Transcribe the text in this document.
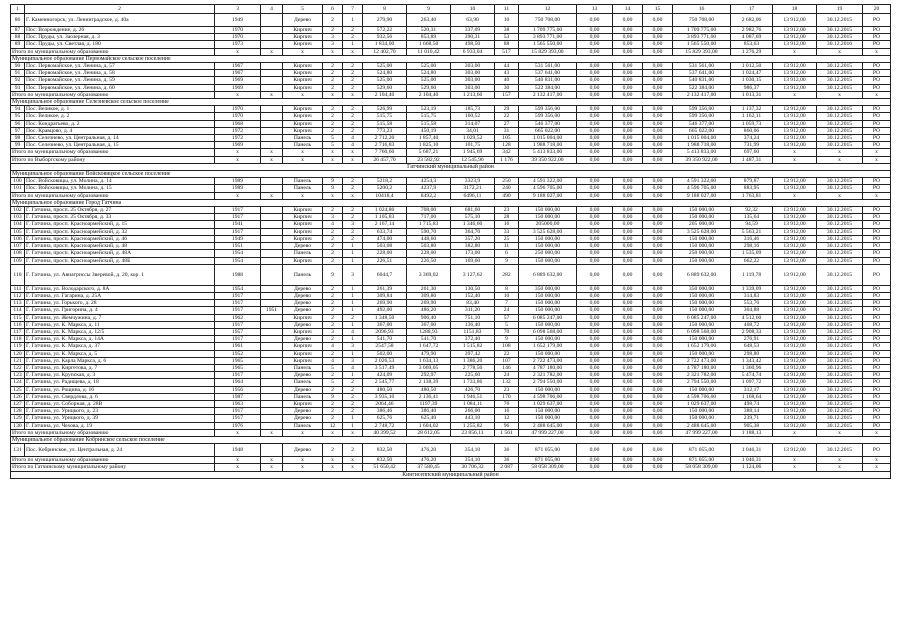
1	2	3	4	5	6	7	8	9	10	11	12	13	14	15	16	17	18	19	20
86	Г. Каменногорск, ул. Ленинградское, д. 40а	1949		Дерево	2	1	279,90	263,40	63,90	10	750 708,00	0,00	0,00	0,00	750 708,00	2 682,06	13 912,00	30.12.2015	РО
87	Пос. Возрождение, д. 26	1970		Кирпич	2	2	572,22	520,31	337,09	38	1 709 775,00	0,00	0,00	0,00	1 709 775,00	2 982,76	13 912,00	30.12.2015	РО
88	Пос. Пруды, ул. Заозерная, д. 3	1970		Кирпич	3	2	932,56	853,89	390,31	53	3 893 771,00	0,00	0,00	0,00	3 893 771,00	4 087,69	13 912,00	30.12.2015	РО
89	Пос. Пруды, ул. Светлая, д. 180	1973		Кирпич	3	1	1 834,00	1 668,50	498,50	88	1 565 550,00	0,00	0,00	0,00	1 565 550,00	853,63	13 912,00	30.12.2016	РО
Итого по муниципальному образованию		x	x	x	x	x	12 402,70	11 010,42	6 933,04	517	15 829 393,00	0,00	0,00	0,00	15 829 393,00	1 276,29	x	x	x
Муниципальное образование Первомайское сельское поселение																			
90	Пос. Первомайское, ул. Ленина, д. 57	1967		Кирпич	2	2	525,00	525,00	303,00	44	531 561,00	0,00	0,00	0,00	531 561,00	1 012,50	13 912,00	30.12.2015	РО
91	Пос. Первомайское, ул. Ленина, д. 58	1967		Кирпич	2	2	524,80	524,80	303,00	43	537 641,00	0,00	0,00	0,00	537 641,00	1 024,47	13 912,00	30.12.2015	РО
92	Пос. Первомайское, ул. Ленина, д. 59	1969		Кирпич	2	2	525,00	525,00	303,00	40	540 831,00	0,00	0,00	0,00	540 831,00	1 030,15	13 912,00	30.12.2015	РО
93	Пос. Первомайское, ул. Ленина, д. 60	1969		Кирпич	2	2	529,60	529,60	303,00	30	522 384,00	0,00	0,00	0,00	522 384,00	986,37	13 912,00	30.12.2015	РО
Итого по муниципальному образованию		x	x	x	x	x	2 104,40	2 104,40	1 213,60	157	2 132 417,00	0,00	0,00	0,00	2 132 417,00	1 013,31	x	x	x
Муниципальное образование Селезневское сельское поселение																			
94	Пос. Великое, д. 1	1970		Кирпич	2	2	526,99	523,19	185,73	29	599 356,00	0,00	0,00	0,00	599 356,00	1 137,32	13 912,00	30.12.2015	РО
95	Пос. Великое, д. 2	1970		Кирпич	2	2	515,75	515,75	160,52	22	599 356,00	0,00	0,00	0,00	599 356,00	1 162,11	13 912,00	30.12.2015	РО
96	Пос. Кондратьево, д. 2	1968		Кирпич	2	2	515,58	515,58	314,07	27	546 377,00	0,00	0,00	0,00	546 377,00	1 059,73	13 912,00	30.12.2015	РО
97	Пос. Кравцово, д. 4	1972		Кирпич	2	2	773,23	450,19	34,01	31	665 022,00	0,00	0,00	0,00	665 022,00	860,06	13 912,00	30.12.2015	РО
98	Пос. Селезнево, ул. Центральная, д. 14	1972		Панель	5	4	2 712,20	1 857,40	1 029,52	105	1 015 004,00	0,00	0,00	0,00	1 015 004,00	374,24	13 912,00	30.12.2015	РО
99	Пос. Селезнево, ул. Центральная, д. 15	1969		Панель	5	4	2 716,83	1 825,10	101,75	128	1 988 718,00	0,00	0,00	0,00	1 988 718,00	731,99	13 912,00	30.12.2015	РО
Итого по муниципальному образованию		x	x	x	x	x	7 760,60	5 687,21	1 945,69	342	5 413 833,00	0,00	0,00	0,00	5 413 833,00	697,60	x	x	x
Итого по Выборгскому району		x	x	x	x	x	26 457,70	23 582,92	12 545,96	1 176	39 350 922,00	0,00	0,00	0,00	39 350 922,00	1 487,31	x	x	x
Гатчинский муниципальный район																			
Муниципальное образование Войсковицкое сельское поселение																			
100	Пос. Войсковицы, ул. Молина, д. 14	1989		Панель	9	2	5218,2	4254,3	3323,9	250	4 591 322,00	0,00	0,00	0,00	4 591 322,00	879,87	13 912,00	30.12.2015	РО
101	Пос. Войсковицы, ул. Молина, д. 15	1989		Панель	9	2	5200,2	4237,9	3172,21	240	4 596 705,00	0,00	0,00	0,00	4 596 705,00	883,95	13 912,00	30.12.2015	РО
Итого по муниципальному образованию		x	x	x	x	x	10418,4	8492,2	6496,11	490	9 188 027,00	0,00	0,00	0,00	9 188 027,00	1 763,81	x	x	x
Муниципальное образование Город Гатчина																			
102	Г. Гатчина, просп. 25 Октября, д. 27	1917		Кирпич	2	2	1 024,80	708,00	681,60	23	150 000,00	0,00	0,00	0,00	150 000,00	92,32	13 912,00	30.12.2015	РО
103	Г. Гатчина, просп. 25 Октября, д. 33	1917		Кирпич	3	2	1 105,83	717,00	575,10	28	150 000,00	0,00	0,00	0,00	150 000,00	135,64	13 912,00	30.12.2015	РО
104	Г. Гатчина, просп. Красноармейский, д. 15	1941		Кирпич	4	3	2 167,14	1 715,83	1 346,60	16	205000,00	0,00	0,00	0,00	205 000,00	94,59	13 912,00	30.12.2015	РО
105	Г. Гатчина, просп. Красноармейский, д. 32	1917		Кирпич	2	2	633,74	590,70	364,70	33	3 525 628,00	0,00	0,00	0,00	3 525 628,00	5 563,21	13 912,00	30.12.2015	РО
106	Г. Гатчина, просп. Красноармейский, д. 46	1949		Кирпич	2	2	474,00	448,60	357,20	25	150 000,00	0,00	0,00	0,00	150 000,00	316,46	13 912,00	30.12.2015	РО
107	Г. Гатчина, просп. Красноармейский, д. 48	1951		Дерево	2	1	503,08	503,80	382,80	11	150 000,00	0,00	0,00	0,00	150 000,00	298,16	13 912,00	30.12.2015	РО
108	Г. Гатчина, просп. Красноармейский, д. 48А	1954		Панель	2	1	228,00	228,00	173,00	6	250 000,00	0,00	0,00	0,00	250 000,00	1 535,09	13 912,00	30.12.2015	РО
109	Г. Гатчина, просп. Красноармейский, д. 48Б	1954		Кирпич	2	1	226,51	226,50	169,60	9	150 000,00	0,00	0,00	0,00	150 000,00	662,22	13 912,00	30.12.2015	РО
110	Г. Гатчина, ул. Авиатриссы Зверевой, д. 20, кор. 1	1988		Панель	9	3	6044,7	3 369,02	3 127,62	282	6 889 632,00	0,00	0,00	0,00	6 889 632,00	1 119,78	13 912,00	30.12.2015	РО
111	Г. Гатчина, ул. Володарского, д. 8А	1954		Дерево	2	1	261,39	261,30	130,50	8	350 000,00	0,00	0,00	0,00	350 000,00	1 339,09	13 912,00	30.12.2015	РО
112	Г. Гатчина, ул. Гагарина, д. 25А	1917		Дерево	2	1	309,84	309,80	152,40	10	150 000,00	0,00	0,00	0,00	150 000,00	314,83	13 912,00	30.12.2015	РО
113	Г. Гатчина, ул. Горького, д. 28	1917		Дерево	2	1	269,90	269,90	83,40	7	150 000,00	0,00	0,00	0,00	150 000,00	553,76	13 912,00	30.12.2015	РО
114	Г. Гатчина, ул. Григорина, д. 4	1917	1951	Дерево	2	1	492,00	486,20	311,20	24	150 000,00	0,00	0,00	0,00	150 000,00	304,88	13 912,00	30.12.2015	РО
115	Г. Гатчина, ул. Жемчужина, д. 7	1962		Кирпич	2	2	1 348,50	906,40	751,10	57	6 085 247,00	0,00	0,00	0,00	6 085 247,00	4 512,60	13 912,00	30.12.2015	РО
116	Г. Гатчина, ул. К. Маркса, д. 11	1917		Дерево	2	1	367,00	367,00	136,40	5	150 000,00	0,00	0,00	0,00	150 000,00	408,72	13 912,00	30.12.2015	РО
117	Г. Гатчина, ул. К. Маркса, д. 12/5	1957		Кирпич	3	4	2096,93	1288,93	1151,83	70	6 098 568,00	0,00	0,00	0,00	6 098 568,00	2 908,33	13 912,00	30.12.2015	РО
118	Г. Гатчина, ул. К. Маркса, д. 14А	1917		Дерево	2	1	541,70	541,70	372,40	9	150 000,00	0,00	0,00	0,00	150 000,00	276,91	13 912,00	30.12.2015	РО
119	Г. Гатчина, ул. К. Маркса, д. 37	1961		Кирпич	4	3	2547,58	1 647,72	1 515,82	108	1 652 179,00	0,00	0,00	0,00	1 652 179,00	648,53	13 912,00	30.12.2015	РО
120	Г. Гатчина, ул. К. Маркса, д. 5	1952		Кирпич	2	1	502,00	479,90	397,42	22	150 000,00	0,00	0,00	0,00	150 000,00	298,80	13 912,00	30.12.2015	РО
121	Г. Гатчина, ул. Карла Маркса, д. 6	1965		Кирпич	4	3	2 026,53	1 634,13	1 386,20	107	2 722 473,00	0,00	0,00	0,00	2 722 473,00	1 343,42	13 912,00	30.12.2015	РО
122	Г. Гатчина, ул. Киргетова, д. 7	1965		Панель	5	4	3 517,49	3 069,05	2 778,50	146	4 787 180,00	0,00	0,00	0,00	4 787 180,00	1 360,96	13 912,00	30.12.2015	РО
123	Г. Гатчина, ул. Крупская, д. 3	1917		Дерево	2	1	424,09	292,97	225,60	24	2 321 782,00	0,00	0,00	0,00	2 321 782,00	5 474,74	13 912,00	30.12.2015	РО
124	Г. Гатчина, ул. Радищева, д. 18	1964		Панель	5	2	2 545,77	2 138,39	1 733,86	132	2 794 550,00	0,00	0,00	0,00	2 794 550,00	1 097,72	13 912,00	30.12.2015	РО
125	Г. Гатчина, ул. Рощина, д. 16	1956		Дерево	2	2	480,50	480,50	426,70	23	150 000,00	0,00	0,00	0,00	150 000,00	312,17	13 912,00	30.12.2015	РО
126	Г. Гатчина, ул. Свердлова, д. 6	1987		Панель	9	2	3 935,10	2 136,41	1 946,51	170	4 598 706,00	0,00	0,00	0,00	4 598 706,00	1 168,64	13 912,00	30.12.2015	РО
127	Г. Гатчина, ул. Соборная, д. 28В	1963		Кирпич	2	2	2064,46	1197,39	1 084,11	76	1 029 637,00	0,00	0,00	0,00	1 029 637,00	498,74	13 912,00	30.12.2015	РО
128	Г. Гатчина, ул. Урицкого, д. 23	1917		Дерево	2	2	386,46	386,40	266,00	16	150 000,00	0,00	0,00	0,00	150 000,00	388,14	13 912,00	30.12.2015	РО
129	Г. Гатчина, ул. Урицкого, д. 39	1917		Дерево	2	1	625,76	625,40	443,10	12	150 000,00	0,00	0,00	0,00	150 000,00	239,71	13 912,00	30.12.2015	РО
130	Г. Гатчина, ул. Чехова, д. 19	1976		Панель	12	1	2 748,72	1 604,02	1 255,82	96	2 488 645,00	0,00	0,00	0,00	2 488 645,00	905,38	13 912,00	30.12.2015	РО
Итого по муниципальному образованию		x	x	x	x	x	40 399,52	28 612,05	23 856,11	1 561	47 999 227,00	0,00	0,00	0,00	47 999 227,00	1 188,13	x	x	x
Муниципальное образование Кобринское сельское поселение																			
131	Пос. Кобринское, ул. Центральная, д. 24	1948		Дерево	2	2	832,50	476,20	354,10	36	871 055,00	0,00	0,00	0,00	871 055,00	1 046,31	13 912,00	30.12.2015	РО
Итого по муниципальному образованию		x	x	x	x	x	832,50	476,20	354,10	36	871 055,00	0,00	0,00	0,00	871 055,00	1 046,31	x	x	x
Итого по Гатчинскому муниципальному району		x	x	x	x	x	51 650,42	37 580,45	30 706,32	2 087	58 058 309,00	0,00	0,00	0,00	58 058 309,00	1 124,06	x	x	x
Кингисеппский муниципальный район																			
